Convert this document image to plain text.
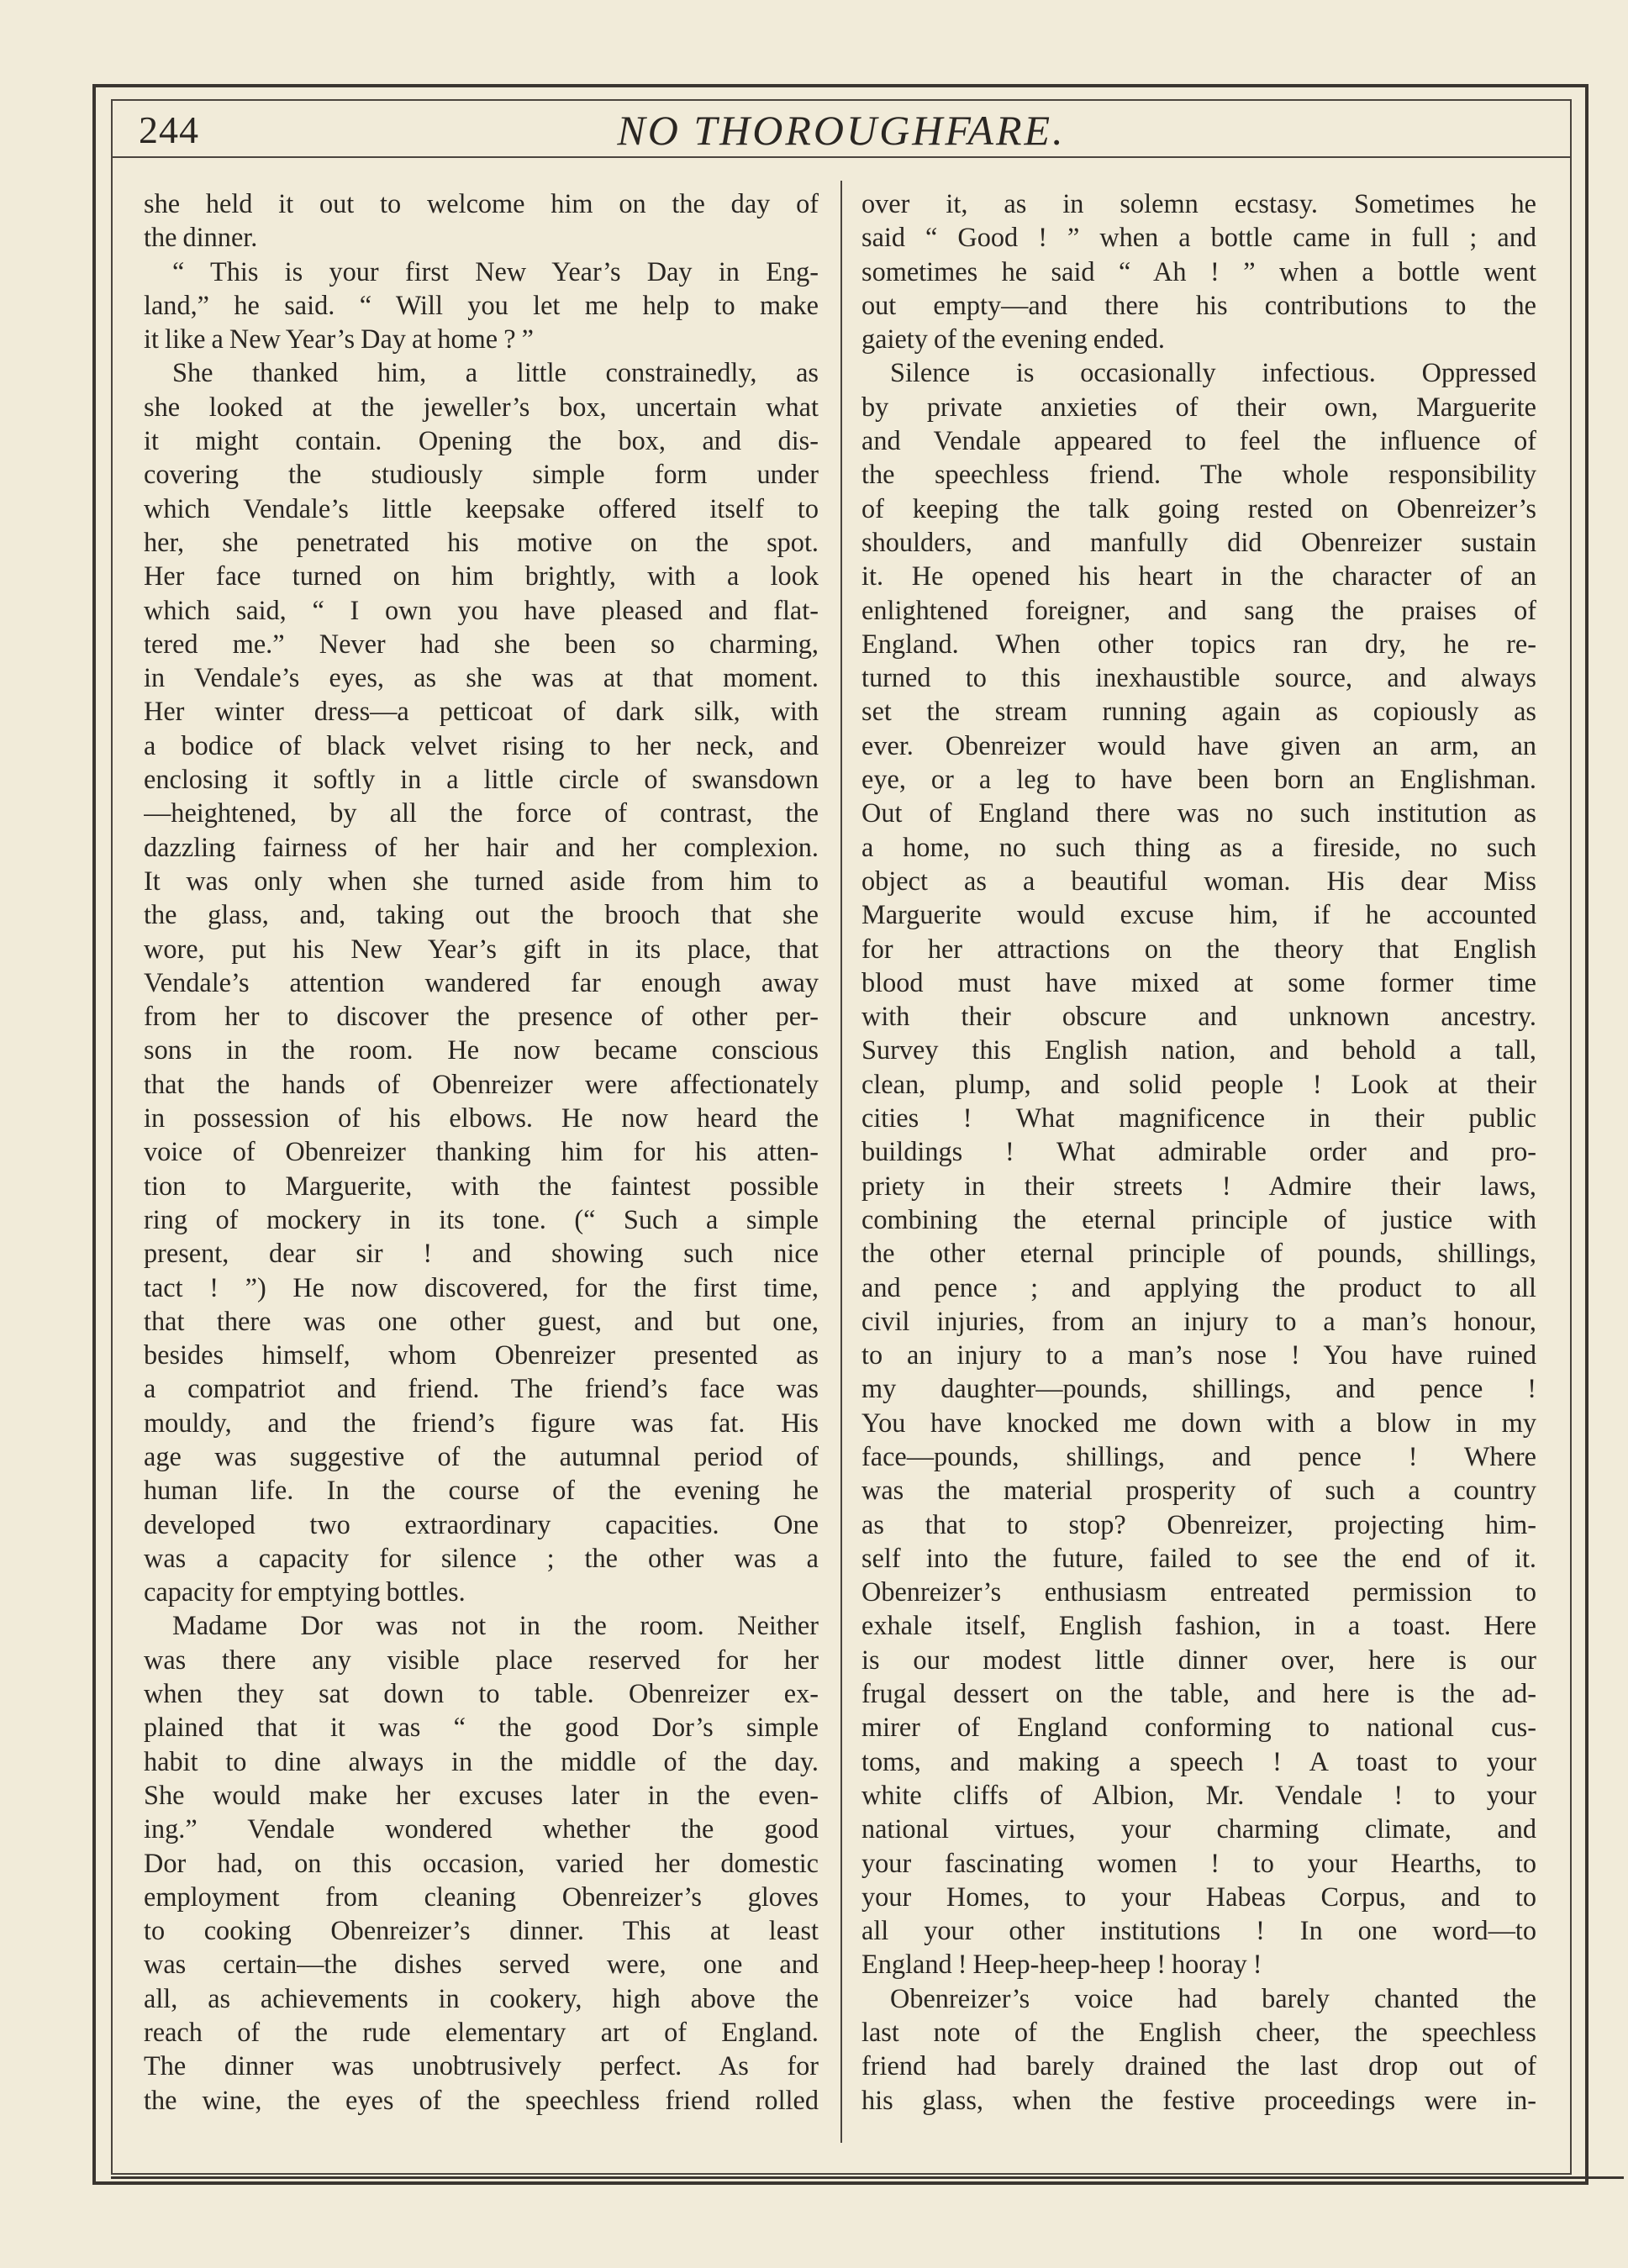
244	NO THOROUGHFARE.
she held it out to welcome him on the day of
the dinner.
“ This is your first New Year’s Day in Eng-
land,” he said. “ Will you let me help to make
it like a New Year’s Day at home ? ”
She thanked him, a little constrainedly, as
she looked at the jeweller’s box, uncertain what
it might contain. Opening the box, and dis-
covering the studiously simple form under
which Vendale’s little keepsake offered itself to
her, she penetrated his motive on the spot.
Her face turned on him brightly, with a look
which said, “ I own you have pleased and flat-
tered me.” Never had she been so charming,
in Vendale’s eyes, as she was at that moment.
Her winter dress—a petticoat of dark silk, with
a bodice of black velvet rising to her neck, and
enclosing it softly in a little circle of swansdown
—heightened, by all the force of contrast, the
dazzling fairness of her hair and her complexion.
It was only when she turned aside from him to
the glass, and, taking out the brooch that she
wore, put his New Year’s gift in its place, that
Vendale’s attention wandered far enough away
from her to discover the presence of other per-
sons in the room. He now became conscious
that the hands of Obenreizer were affectionately
in possession of his elbows. He now heard the
voice of Obenreizer thanking him for his atten-
tion to Marguerite, with the faintest possible
ring of mockery in its tone. (“ Such a simple
present, dear sir ! and showing such nice
tact ! ”) He now discovered, for the first time,
that there was one other guest, and but one,
besides himself, whom Obenreizer presented as
a compatriot and friend. The friend’s face was
mouldy, and the friend’s figure was fat. His
age was suggestive of the autumnal period of
human life. In the course of the evening he
developed two extraordinary capacities. One
was a capacity for silence ; the other was a
capacity for emptying bottles.
Madame Dor was not in the room. Neither
was there any visible place reserved for her
when they sat down to table. Obenreizer ex-
plained that it was “ the good Dor’s simple
habit to dine always in the middle of the day.
She would make her excuses later in the even-
ing.” Vendale wondered whether the good
Dor had, on this occasion, varied her domestic
employment from cleaning Obenreizer’s gloves
to cooking Obenreizer’s dinner. This at least
was certain—the dishes served were, one and
all, as achievements in cookery, high above the
reach of the rude elementary art of England.
The dinner was unobtrusively perfect. As for
the wine, the eyes of the speechless friend rolled
over it, as in solemn ecstasy. Sometimes he
said “ Good ! ” when a bottle came in full ; and
sometimes he said “ Ah ! ” when a bottle went
out empty—and there his contributions to the
gaiety of the evening ended.
Silence is occasionally infectious. Oppressed
by private anxieties of their own, Marguerite
and Vendale appeared to feel the influence of
the speechless friend. The whole responsibility
of keeping the talk going rested on Obenreizer’s
shoulders, and manfully did Obenreizer sustain
it. He opened his heart in the character of an
enlightened foreigner, and sang the praises of
England. When other topics ran dry, he re-
turned to this inexhaustible source, and always
set the stream running again as copiously as
ever. Obenreizer would have given an arm, an
eye, or a leg to have been born an Englishman.
Out of England there was no such institution as
a home, no such thing as a fireside, no such
object as a beautiful woman. His dear Miss
Marguerite would excuse him, if he accounted
for her attractions on the theory that English
blood must have mixed at some former time
with their obscure and unknown ancestry.
Survey this English nation, and behold a tall,
clean, plump, and solid people ! Look at their
cities ! What magnificence in their public
buildings ! What admirable order and pro-
priety in their streets ! Admire their laws,
combining the eternal principle of justice with
the other eternal principle of pounds, shillings,
and pence ; and applying the product to all
civil injuries, from an injury to a man’s honour,
to an injury to a man’s nose ! You have ruined
my daughter—pounds, shillings, and pence !
You have knocked me down with a blow in my
face—pounds, shillings, and pence ! Where
was the material prosperity of such a country
as that to stop? Obenreizer, projecting him-
self into the future, failed to see the end of it.
Obenreizer’s enthusiasm entreated permission to
exhale itself, English fashion, in a toast. Here
is our modest little dinner over, here is our
frugal dessert on the table, and here is the ad-
mirer of England conforming to national cus-
toms, and making a speech ! A toast to your
white cliffs of Albion, Mr. Vendale ! to your
national virtues, your charming climate, and
your fascinating women ! to your Hearths, to
your Homes, to your Habeas Corpus, and to
all your other institutions ! In one word—to
England ! Heep-heep-heep ! hooray !
Obenreizer’s voice had barely chanted the
last note of the English cheer, the speechless
friend had barely drained the last drop out of
his glass, when the festive proceedings were in-
